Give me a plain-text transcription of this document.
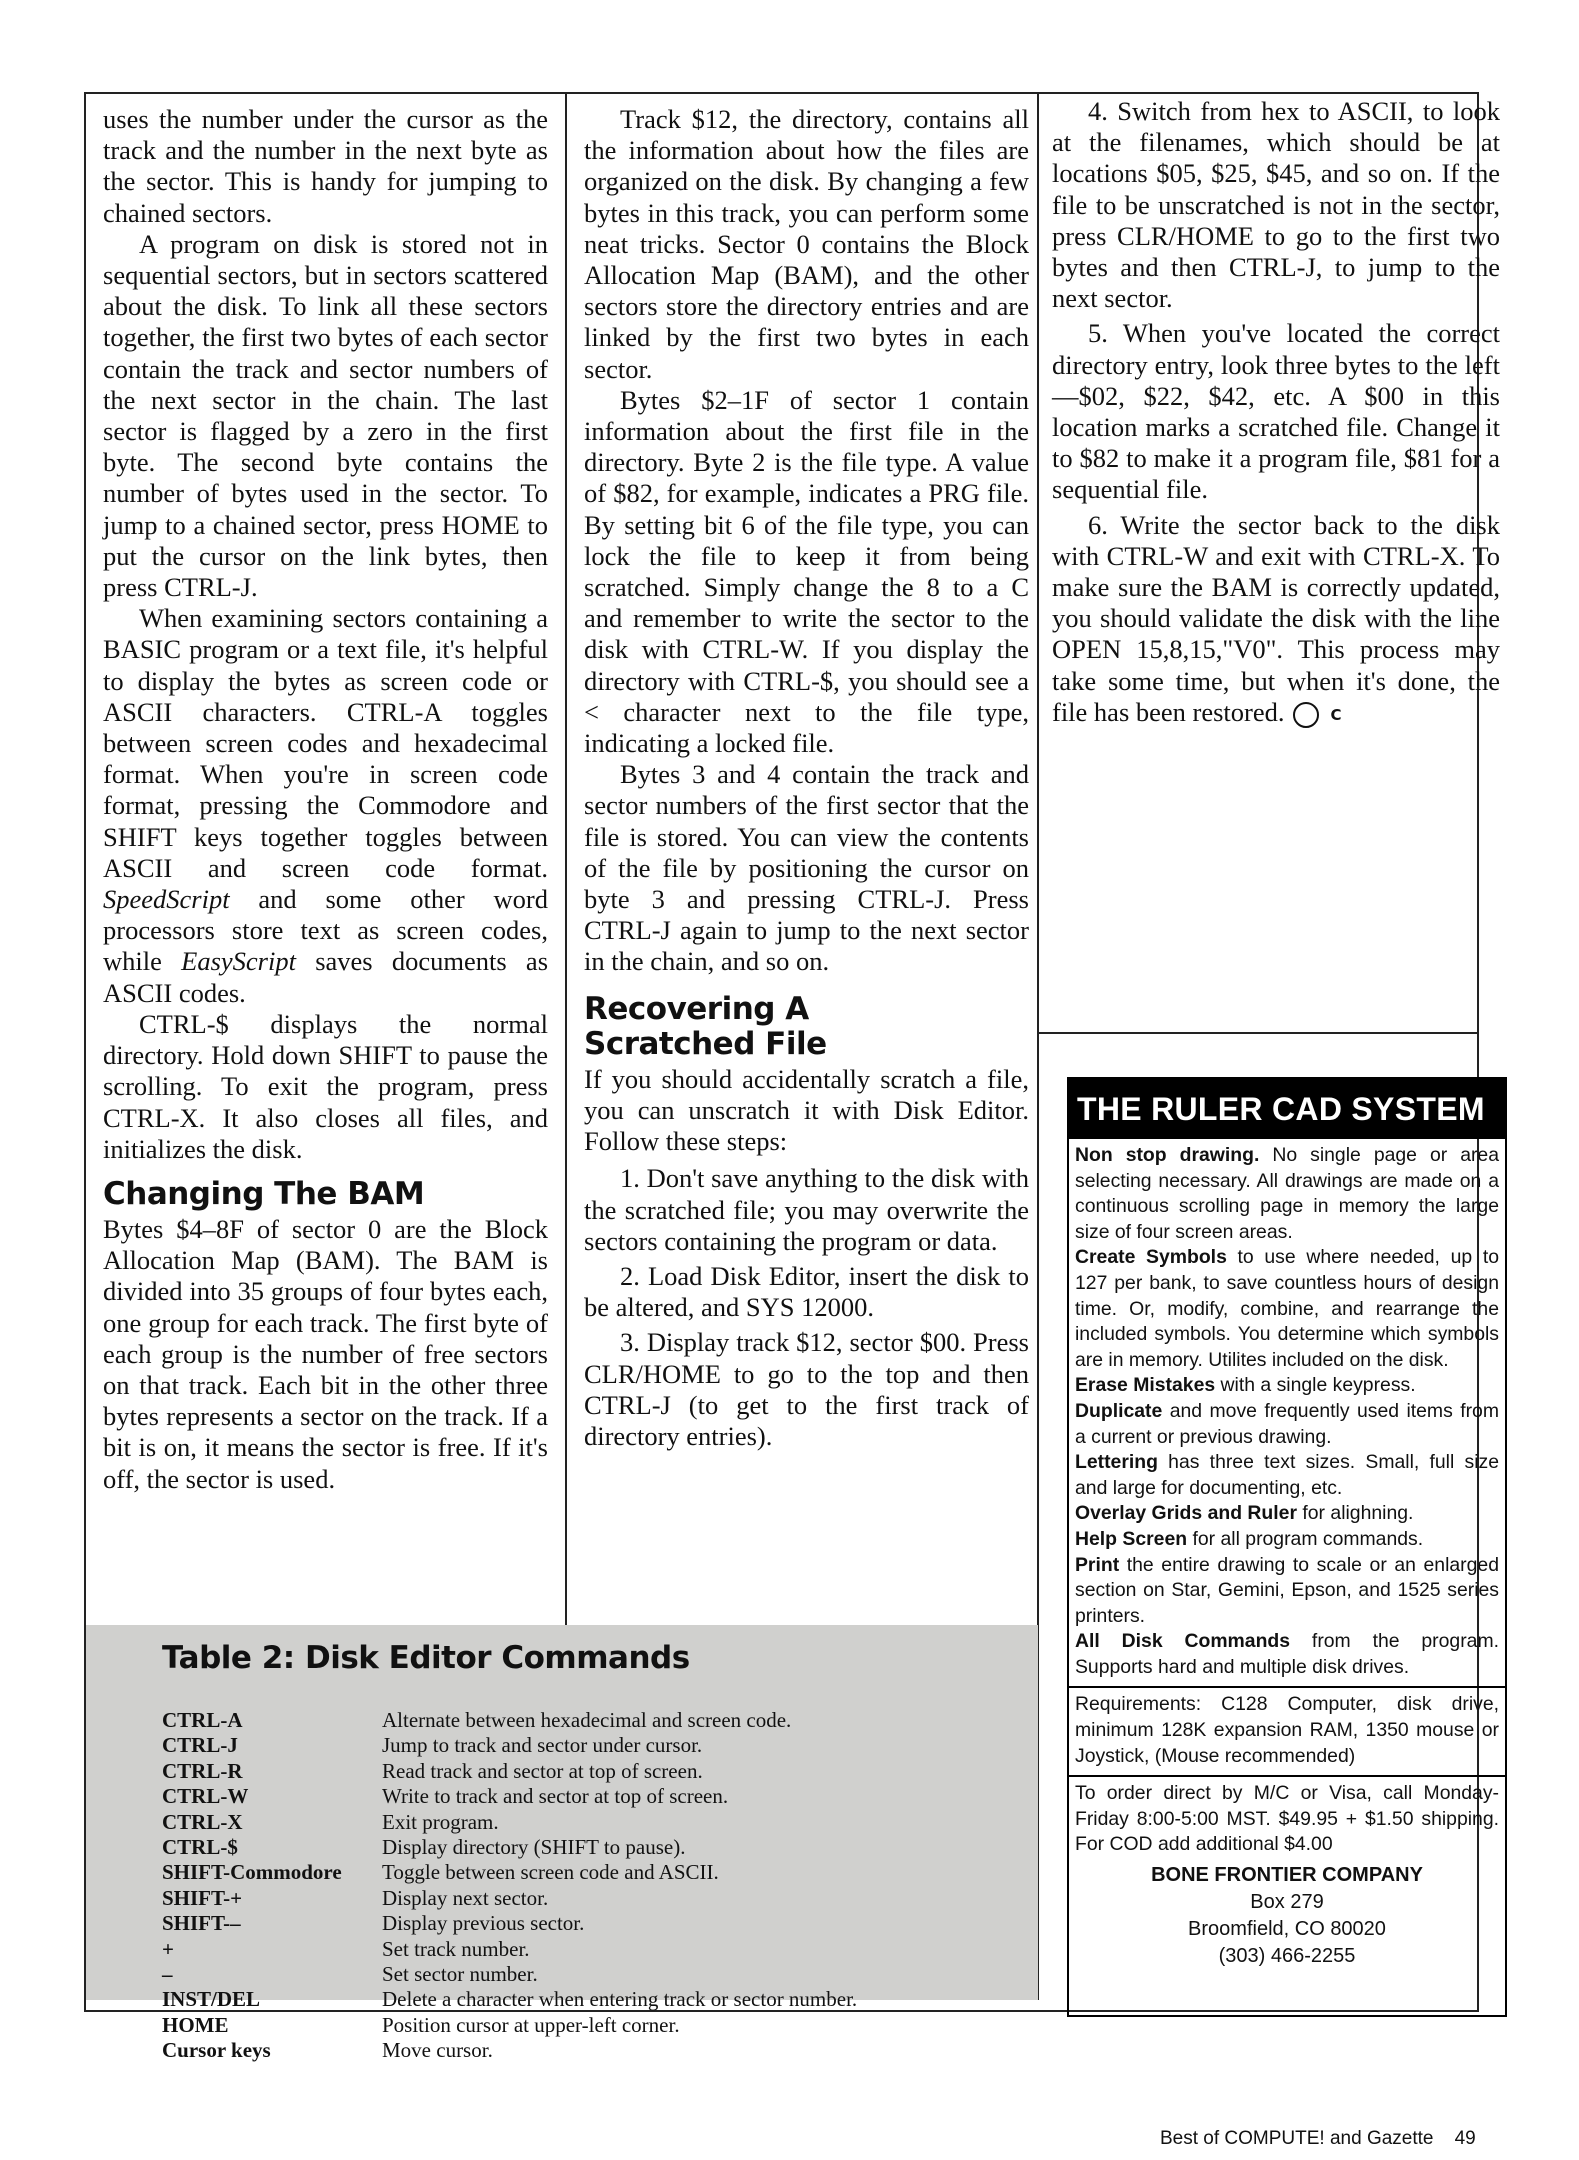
uses the number under the cursor as the track and the number in the next byte as the sector. This is handy for jumping to chained sectors.

A program on disk is stored not in sequential sectors, but in sectors scattered about the disk. To link all these sectors together, the first two bytes of each sector contain the track and sector numbers of the next sector in the chain. The last sector is flagged by a zero in the first byte. The second byte contains the number of bytes used in the sector. To jump to a chained sector, press HOME to put the cursor on the link bytes, then press CTRL-J.

When examining sectors containing a BASIC program or a text file, it's helpful to display the bytes as screen code or ASCII characters. CTRL-A toggles between screen codes and hexadecimal format. When you're in screen code format, pressing the Commodore and SHIFT keys together toggles between ASCII and screen code format. SpeedScript and some other word processors store text as screen codes, while EasyScript saves documents as ASCII codes.

CTRL-$ displays the normal directory. Hold down SHIFT to pause the scrolling. To exit the program, press CTRL-X. It also closes all files, and initializes the disk.

Changing The BAM

Bytes $4–8F of sector 0 are the Block Allocation Map (BAM). The BAM is divided into 35 groups of four bytes each, one group for each track. The first byte of each group is the number of free sectors on that track. Each bit in the other three bytes represents a sector on the track. If a bit is on, it means the sector is free. If it's off, the sector is used.

Track $12, the directory, contains all the information about how the files are organized on the disk. By changing a few bytes in this track, you can perform some neat tricks. Sector 0 contains the Block Allocation Map (BAM), and the other sectors store the directory entries and are linked by the first two bytes in each sector.

Bytes $2–1F of sector 1 contain information about the first file in the directory. Byte 2 is the file type. A value of $82, for example, indicates a PRG file. By setting bit 6 of the file type, you can lock the file to keep it from being scratched. Simply change the 8 to a C and remember to write the sector to the disk with CTRL-W. If you display the directory with CTRL-$, you should see a < character next to the file type, indicating a locked file.

Bytes 3 and 4 contain the track and sector numbers of the first sector that the file is stored. You can view the contents of the file by positioning the cursor on byte 3 and pressing CTRL-J. Press CTRL-J again to jump to the next sector in the chain, and so on.

Recovering A
Scratched File

If you should accidentally scratch a file, you can unscratch it with Disk Editor. Follow these steps:

1. Don't save anything to the disk with the scratched file; you may overwrite the sectors containing the program or data.

2. Load Disk Editor, insert the disk to be altered, and SYS 12000.

3. Display track $12, sector $00. Press CLR/HOME to go to the top and then CTRL-J (to get to the first track of directory entries).

4. Switch from hex to ASCII, to look at the filenames, which should be at locations $05, $25, $45, and so on. If the file to be unscratched is not in the sector, press CLR/HOME to go to the first two bytes and then CTRL-J, to jump to the next sector.

5. When you've located the correct directory entry, look three bytes to the left—$02, $22, $42, etc. A $00 in this location marks a scratched file. Change it to $82 to make it a program file, $81 for a sequential file.

6. Write the sector back to the disk with CTRL-W and exit with CTRL-X. To make sure the BAM is correctly updated, you should validate the disk with the line OPEN 15,8,15,"V0". This process may take some time, but when it's done, the file has been restored.	C

Table 2: Disk Editor Commands
CTRL-A	Alternate between hexadecimal and screen code.
CTRL-J	Jump to track and sector under cursor.
CTRL-R	Read track and sector at top of screen.
CTRL-W	Write to track and sector at top of screen.
CTRL-X	Exit program.
CTRL-$	Display directory (SHIFT to pause).
SHIFT-Commodore	Toggle between screen code and ASCII.
SHIFT-+	Display next sector.
SHIFT-–	Display previous sector.
+	Set track number.
–	Set sector number.
INST/DEL	Delete a character when entering track or sector number.
HOME	Position cursor at upper-left corner.
Cursor keys	Move cursor.
THE RULER CAD SYSTEM

Non stop drawing. No single page or area selecting necessary. All drawings are made on a continuous scrolling page in memory the large size of four screen areas.

Create Symbols to use where needed, up to 127 per bank, to save countless hours of design time. Or, modify, combine, and rearrange the included symbols. You determine which symbols are in memory. Utilites included on the disk.

Erase Mistakes with a single keypress.

Duplicate and move frequently used items from a current or previous drawing.

Lettering has three text sizes. Small, full size and large for documenting, etc.

Overlay Grids and Ruler for alighning.

Help Screen for all program commands.

Print the entire drawing to scale or an enlarged section on Star, Gemini, Epson, and 1525 series printers.

All Disk Commands from the program. Supports hard and multiple disk drives.

Requirements: C128 Computer, disk drive, minimum 128K expansion RAM, 1350 mouse or Joystick, (Mouse recommended)

To order direct by M/C or Visa, call Monday-Friday 8:00-5:00 MST. $49.95 + $1.50 shipping. For COD add additional $4.00

BONE FRONTIER COMPANY
Box 279
Broomfield, CO 80020
(303) 466-2255
Best of COMPUTE! and Gazette    49
